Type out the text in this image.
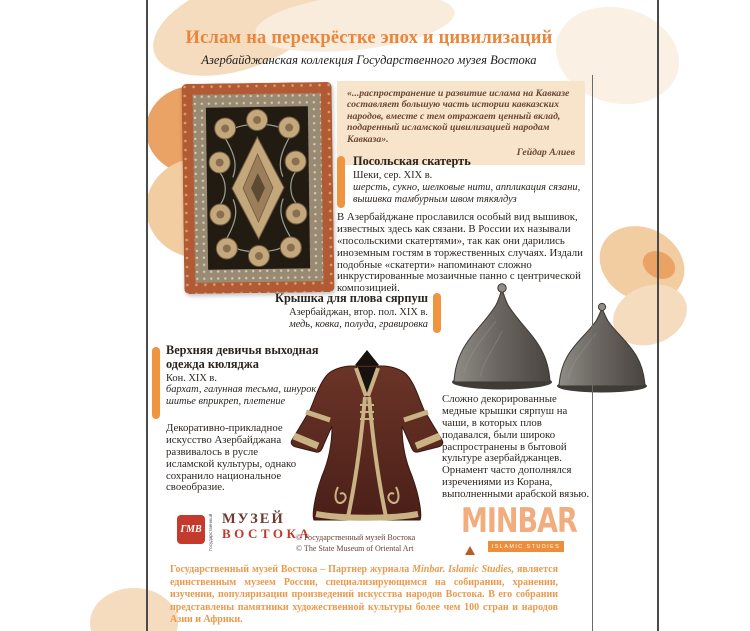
Ислам на перекрёстке эпох и цивилизаций
Азербайджанская коллекция Государственного музея Востока
«...распространение и развитие ислама на Кавказе составляет большую часть истории кавказских народов, вместе с тем отражает ценный вклад, подаренный исламской цивилизацией народам Кавказа».
Гейдар Алиев
Посольская скатерть
Шеки, сер. XIX в.
шерсть, сукно, шелковые нити, аппликация сязани, вышивка тамбурным швом тякялдуз
В Азербайджане прославился особый вид вышивок, известных здесь как сязани. В России их называли «посольскими скатертями», так как они дарились иноземным гостям в торжественных случаях. Издали подобные «скатерти» напоминают сложно инкрустированные мозаичные панно с центрической композицией.
Крышка для плова сярпуш
Азербайджан, втор. пол. XIX в.
медь, ковка, полуда, гравировка
Сложно декорированные медные крышки сярпуш на чаши, в которых плов подавался, были широко распространены в бытовой культуре азербайджанцев. Орнамент часто дополнялся изречениями из Корана, выполненными арабской вязью.
Верхняя девичья выходная одежда кюляджа
Кон. XIX в.
бархат, галунная тесьма, шнурок, шитье вприкреп, плетение
Декоративно-прикладное искусство Азербайджана развивалось в русле исламской культуры, однако сохранило национальное своеобразие.
ГМВ Государственный МУЗЕЙ
ВОСТОКА
© Государственный музей Востока
© The State Museum of Oriental Art
MINBAR
ISLAMIC STUDIES
Государственный музей Востока – Партнер журнала Minbar. Islamic Studies, является единственным музеем России, специализирующимся на собирании, хранении, изучении, популяризации произведений искусства народов Востока. В его собрании представлены памятники художественной культуры более чем 100 стран и народов Азии и Африки.
